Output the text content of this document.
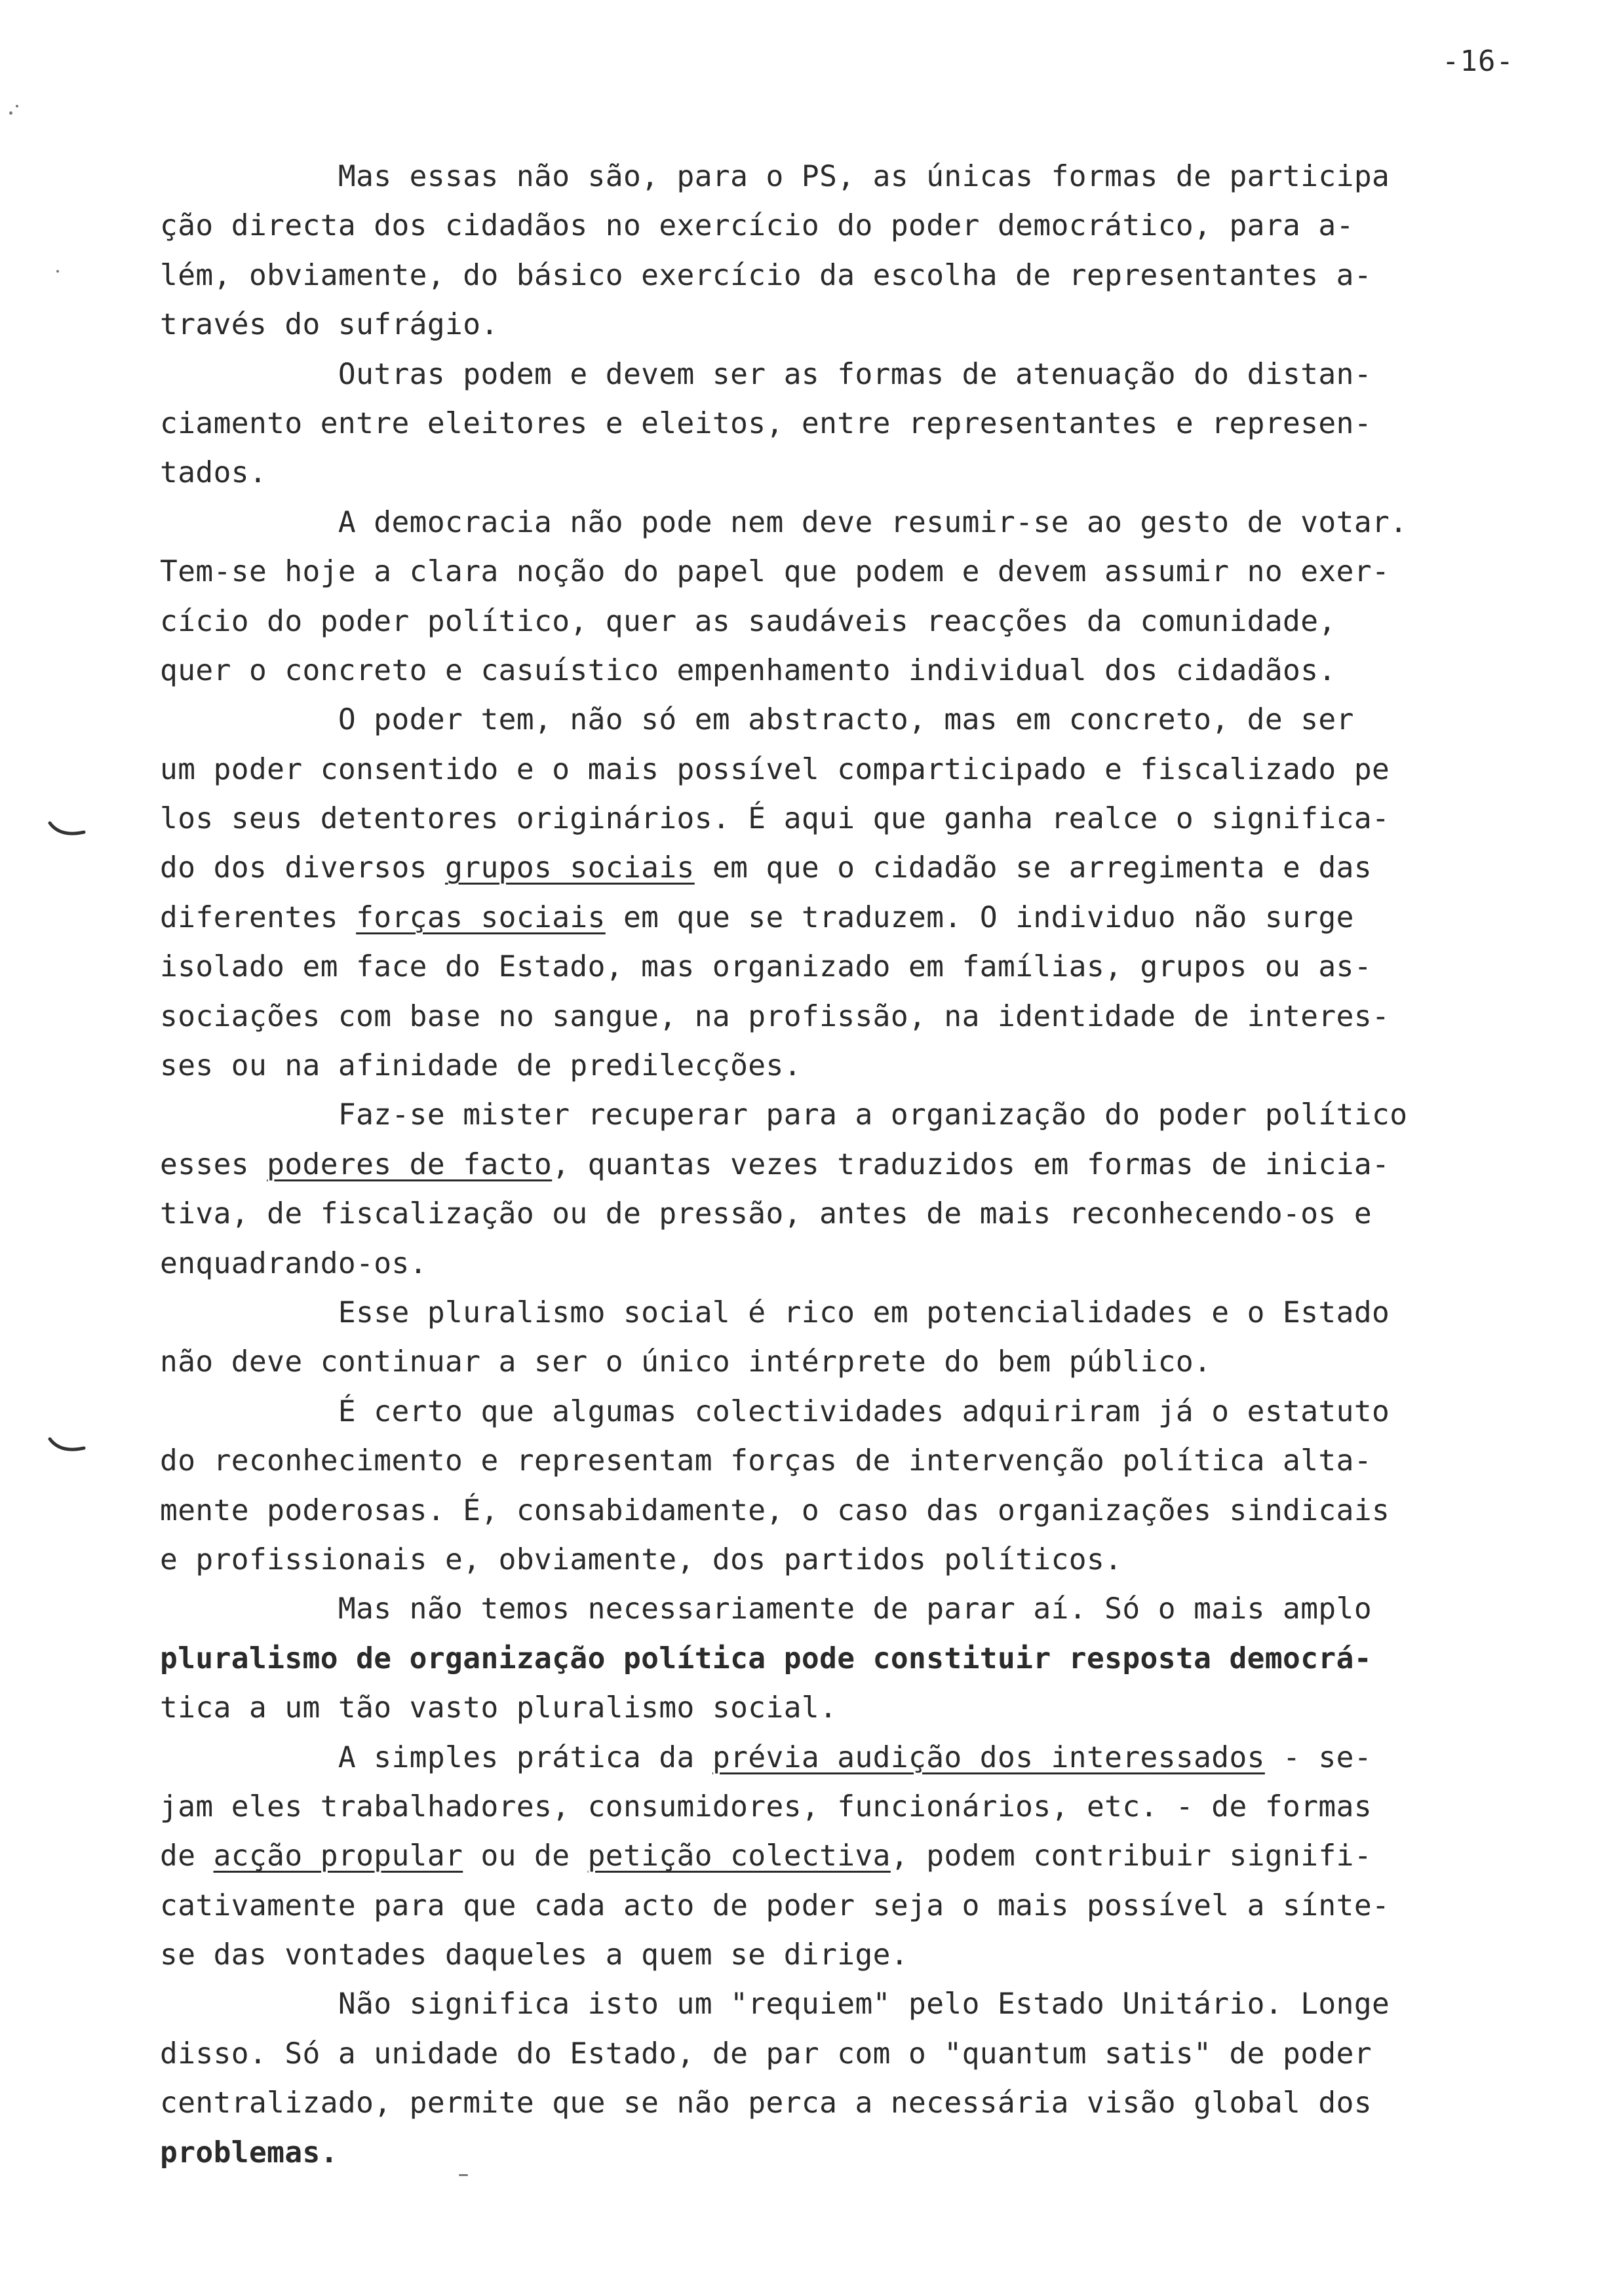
-16-
Mas essas não são, para o PS, as únicas formas de participa
ção directa dos cidadãos no exercício do poder democrático, para a-
lém, obviamente, do básico exercício da escolha de representantes a-
través do sufrágio.
Outras podem e devem ser as formas de atenuação do distan-
ciamento entre eleitores e eleitos, entre representantes e represen-
tados.
A democracia não pode nem deve resumir-se ao gesto de votar.
Tem-se hoje a clara noção do papel que podem e devem assumir no exer-
cício do poder político, quer as saudáveis reacções da comunidade,
quer o concreto e casuístico empenhamento individual dos cidadãos.
O poder tem, não só em abstracto, mas em concreto, de ser
um poder consentido e o mais possível comparticipado e fiscalizado pe
los seus detentores originários. É aqui que ganha realce o significa-
do dos diversos grupos sociais em que o cidadão se arregimenta e das
diferentes forças sociais em que se traduzem. O individuo não surge
isolado em face do Estado, mas organizado em famílias, grupos ou as-
sociações com base no sangue, na profissão, na identidade de interes-
ses ou na afinidade de predilecções.
Faz-se mister recuperar para a organização do poder político
esses poderes de facto, quantas vezes traduzidos em formas de inicia-
tiva, de fiscalização ou de pressão, antes de mais reconhecendo-os e
enquadrando-os.
Esse pluralismo social é rico em potencialidades e o Estado
não deve continuar a ser o único intérprete do bem público.
É certo que algumas colectividades adquiriram já o estatuto
do reconhecimento e representam forças de intervenção política alta-
mente poderosas. É, consabidamente, o caso das organizações sindicais
e profissionais e, obviamente, dos partidos políticos.
Mas não temos necessariamente de parar aí. Só o mais amplo
pluralismo de organização política pode constituir resposta democrá-
tica a um tão vasto pluralismo social.
A simples prática da prévia audição dos interessados - se-
jam eles trabalhadores, consumidores, funcionários, etc. - de formas
de acção propular ou de petição colectiva, podem contribuir signifi-
cativamente para que cada acto de poder seja o mais possível a sínte-
se das vontades daqueles a quem se dirige.
Não significa isto um "requiem" pelo Estado Unitário. Longe
disso. Só a unidade do Estado, de par com o "quantum satis" de poder
centralizado, permite que se não perca a necessária visão global dos
problemas.
